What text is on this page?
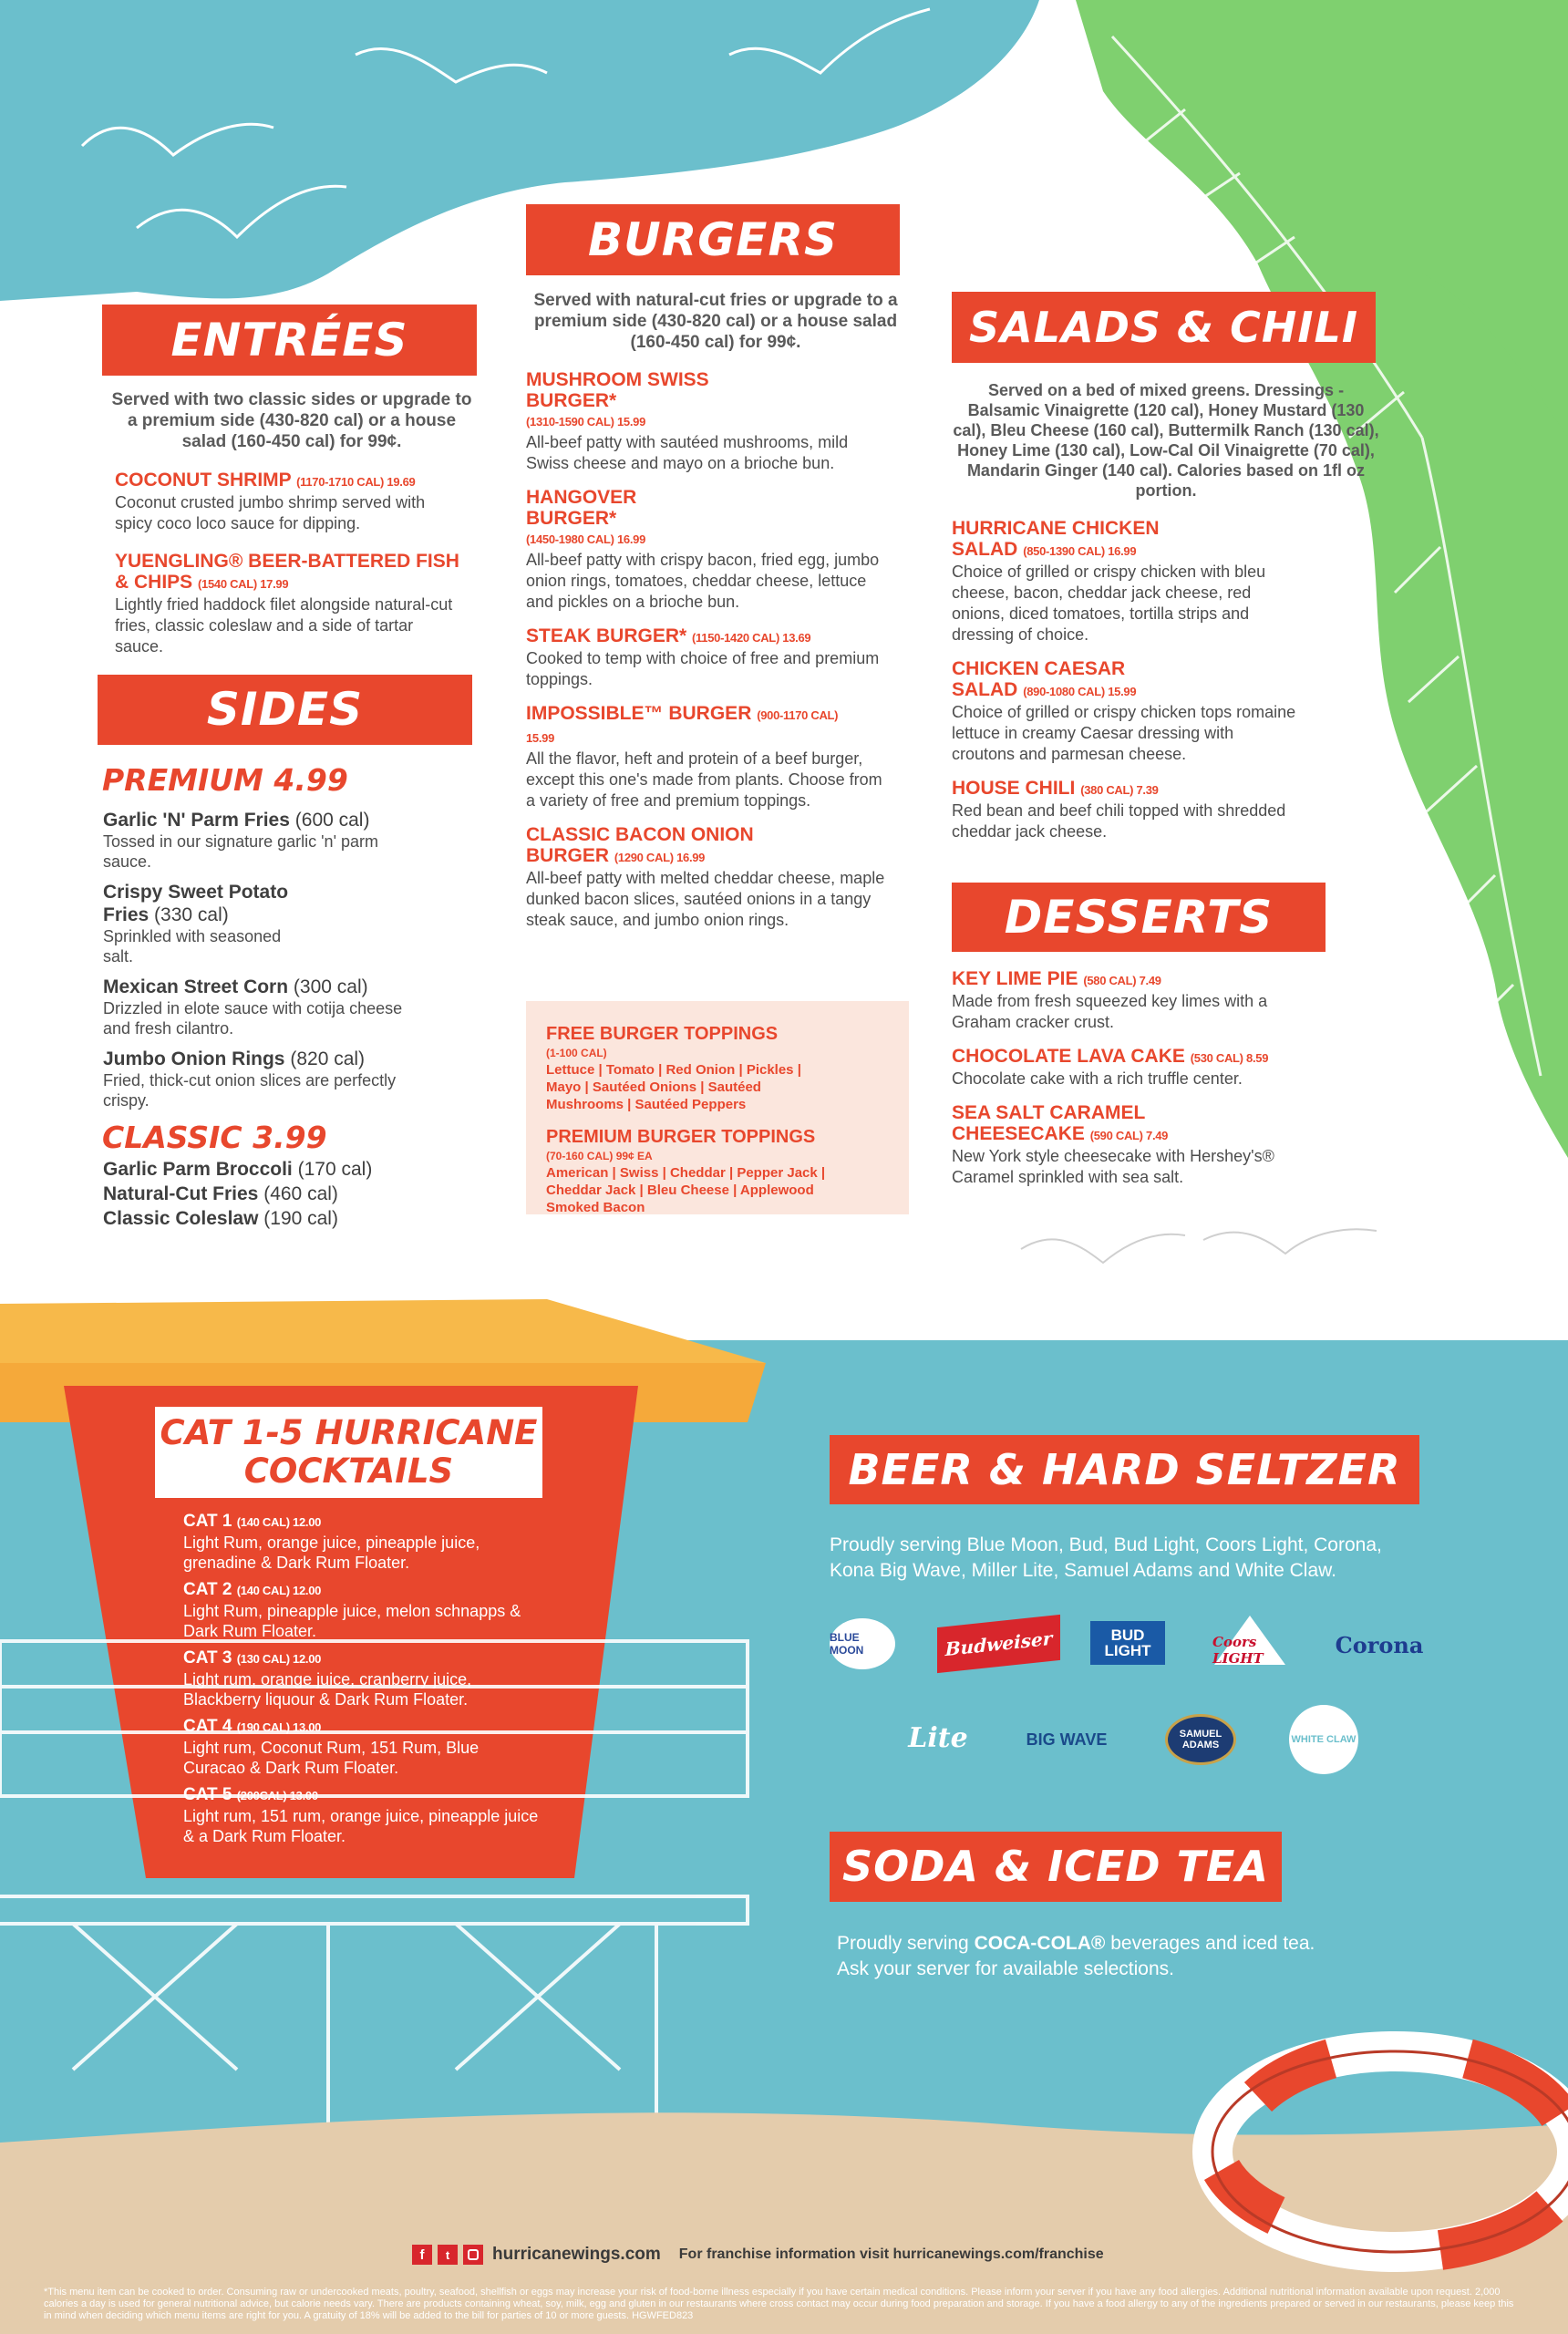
ENTRÉES
Served with two classic sides or upgrade to a premium side (430-820 cal) or a house salad (160-450 cal) for 99¢.
COCONUT SHRIMP (1170-1710 CAL) 19.69
Coconut crusted jumbo shrimp served with spicy coco loco sauce for dipping.
YUENGLING® BEER-BATTERED FISH & CHIPS (1540 CAL) 17.99
Lightly fried haddock filet alongside natural-cut fries, classic coleslaw and a side of tartar sauce.
SIDES
PREMIUM 4.99
Garlic 'N' Parm Fries (600 cal)
Tossed in our signature garlic 'n' parm sauce.
Crispy Sweet Potato Fries (330 cal)
Sprinkled with seasoned salt.
Mexican Street Corn (300 cal)
Drizzled in elote sauce with cotija cheese and fresh cilantro.
Jumbo Onion Rings (820 cal)
Fried, thick-cut onion slices are perfectly crispy.
CLASSIC 3.99
Garlic Parm Broccoli (170 cal)
Natural-Cut Fries (460 cal)
Classic Coleslaw (190 cal)
BURGERS
Served with natural-cut fries or upgrade to a premium side (430-820 cal) or a house salad (160-450 cal) for 99¢.
MUSHROOM SWISS BURGER*
(1310-1590 CAL) 15.99
All-beef patty with sautéed mushrooms, mild Swiss cheese and mayo on a brioche bun.
HANGOVER BURGER*
(1450-1980 CAL) 16.99
All-beef patty with crispy bacon, fried egg, jumbo onion rings, tomatoes, cheddar cheese, lettuce and pickles on a brioche bun.
STEAK BURGER* (1150-1420 CAL) 13.69
Cooked to temp with choice of free and premium toppings.
IMPOSSIBLE™ BURGER (900-1170 CAL) 15.99
All the flavor, heft and protein of a beef burger, except this one's made from plants. Choose from a variety of free and premium toppings.
CLASSIC BACON ONION BURGER (1290 CAL) 16.99
All-beef patty with melted cheddar cheese, maple dunked bacon slices, sautéed onions in a tangy steak sauce, and jumbo onion rings.
FREE BURGER TOPPINGS
(1-100 CAL)
Lettuce | Tomato | Red Onion | Pickles | Mayo | Sautéed Onions | Sautéed Mushrooms | Sautéed Peppers
PREMIUM BURGER TOPPINGS
(70-160 CAL) 99¢ EA
American | Swiss | Cheddar | Pepper Jack | Cheddar Jack | Bleu Cheese | Applewood Smoked Bacon
SALADS & CHILI
Served on a bed of mixed greens. Dressings - Balsamic Vinaigrette (120 cal), Honey Mustard (130 cal), Bleu Cheese (160 cal), Buttermilk Ranch (130 cal), Honey Lime (130 cal), Low-Cal Oil Vinaigrette (70 cal), Mandarin Ginger (140 cal). Calories based on 1fl oz portion.
HURRICANE CHICKEN SALAD (850-1390 CAL) 16.99
Choice of grilled or crispy chicken with bleu cheese, bacon, cheddar jack cheese, red onions, diced tomatoes, tortilla strips and dressing of choice.
CHICKEN CAESAR SALAD (890-1080 CAL) 15.99
Choice of grilled or crispy chicken tops romaine lettuce in creamy Caesar dressing with croutons and parmesan cheese.
HOUSE CHILI (380 CAL) 7.39
Red bean and beef chili topped with shredded cheddar jack cheese.
DESSERTS
KEY LIME PIE (580 CAL) 7.49
Made from fresh squeezed key limes with a Graham cracker crust.
CHOCOLATE LAVA CAKE (530 CAL) 8.59
Chocolate cake with a rich truffle center.
SEA SALT CARAMEL CHEESECAKE (590 CAL) 7.49
New York style cheesecake with Hershey's® Caramel sprinkled with sea salt.
CAT 1-5 HURRICANE
COCKTAILS
CAT 1 (140 CAL) 12.00
Light Rum, orange juice, pineapple juice, grenadine & Dark Rum Floater.
CAT 2 (140 CAL) 12.00
Light Rum, pineapple juice, melon schnapps & Dark Rum Floater.
CAT 3 (130 CAL) 12.00
Light rum, orange juice, cranberry juice, Blackberry liquour & Dark Rum Floater.
CAT 4 (190 CAL) 13.00
Light rum, Coconut Rum, 151 Rum, Blue Curacao & Dark Rum Floater.
CAT 5 (200CAL) 13.00
Light rum, 151 rum, orange juice, pineapple juice & a Dark Rum Floater.
BEER & HARD SELTZER
Proudly serving Blue Moon, Bud, Bud Light, Coors Light, Corona, Kona Big Wave, Miller Lite, Samuel Adams and White Claw.
BLUE MOON	Budweiser	BUD LIGHT	Coors LIGHT
Corona
Lite	BIG WAVE	SAMUEL ADAMS	WHITE CLAW
SODA & ICED TEA
Proudly serving COCA-COLA® beverages and iced tea. Ask your server for available selections.
f	t	hurricanewings.com For franchise information visit hurricanewings.com/franchise
*This menu item can be cooked to order. Consuming raw or undercooked meats, poultry, seafood, shellfish or eggs may increase your risk of food-borne illness especially if you have certain medical conditions. Please inform your server if you have any food allergies. Additional nutritional information available upon request. 2,000 calories a day is used for general nutritional advice, but calorie needs vary. There are products containing wheat, soy, milk, egg and gluten in our restaurants where cross contact may occur during food preparation and storage. If you have a food allergy to any of the ingredients prepared or served in our restaurants, please keep this in mind when deciding which menu items are right for you. A gratuity of 18% will be added to the bill for parties of 10 or more guests. HGWFED823
